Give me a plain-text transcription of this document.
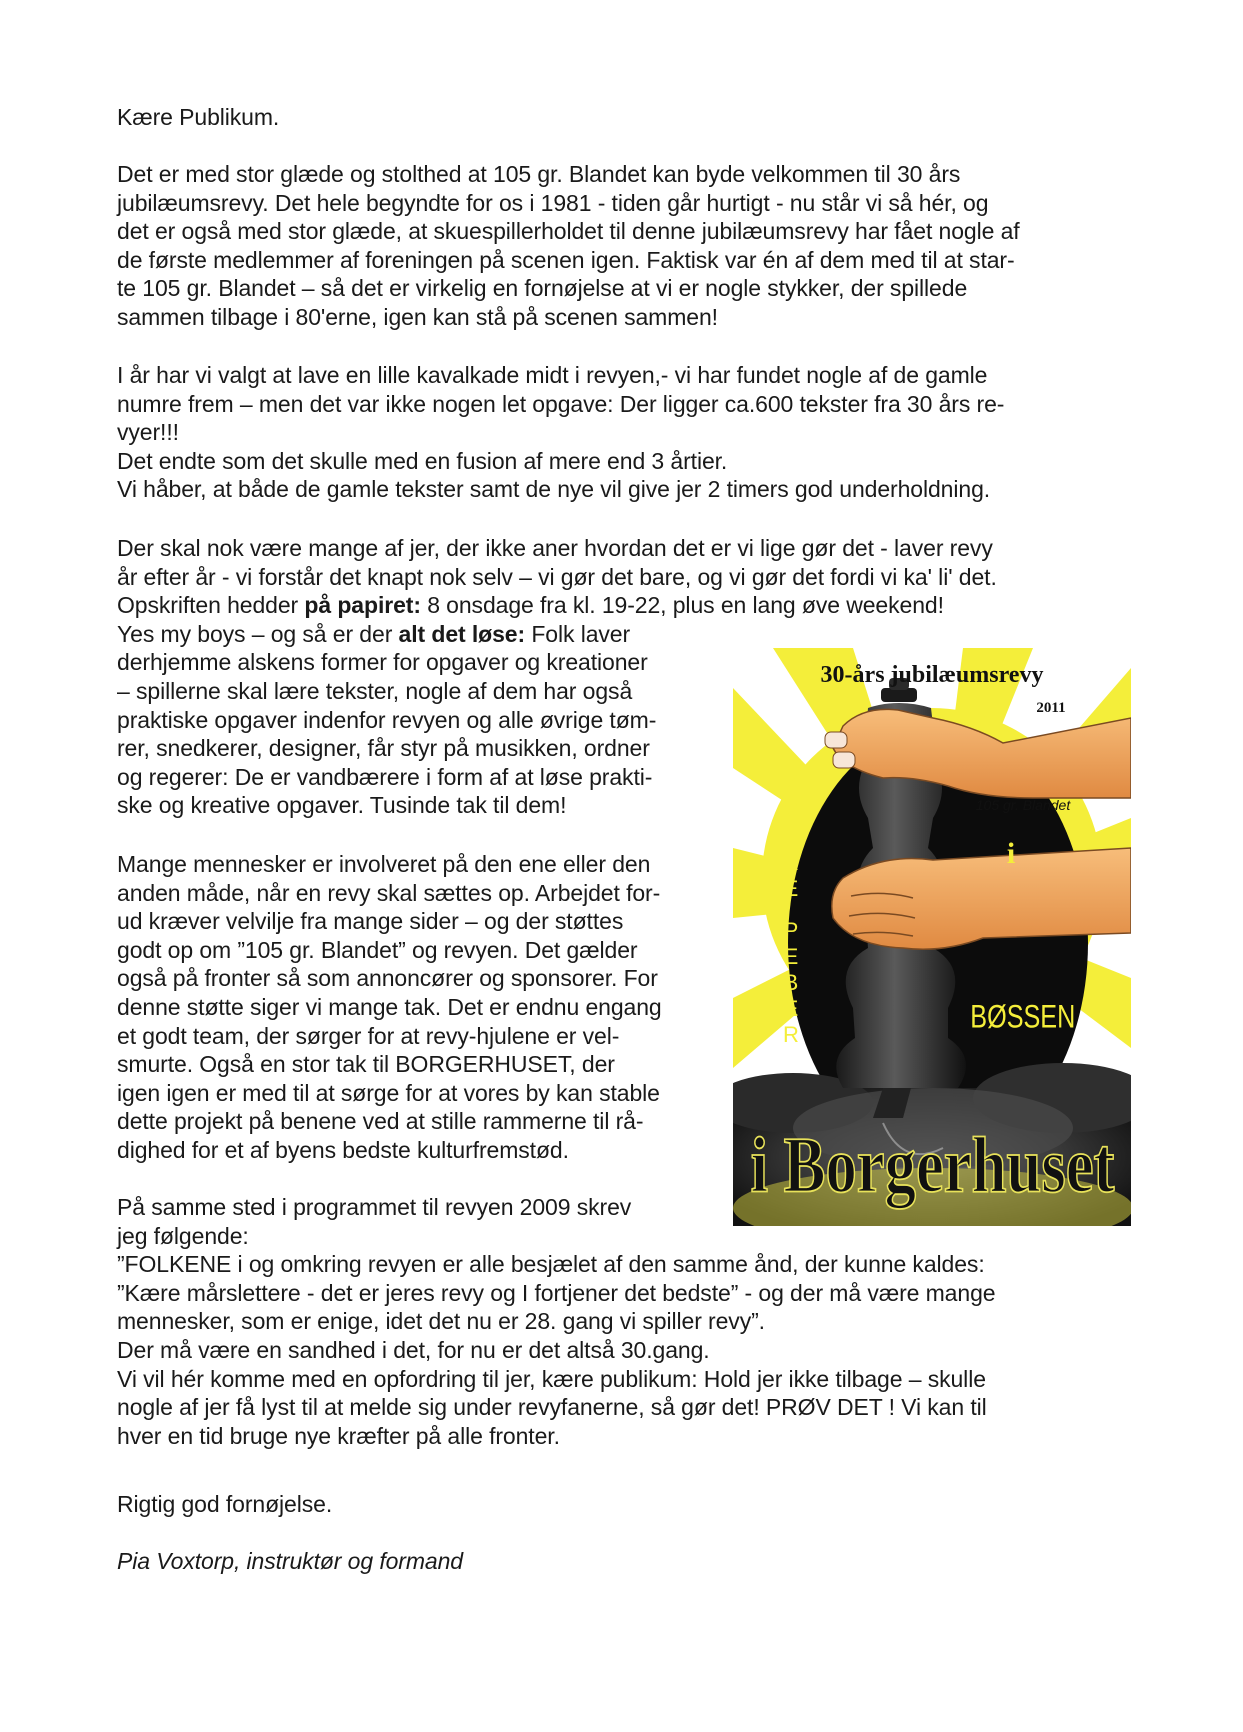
Kære Publikum.
Det er med stor glæde og stolthed at 105 gr. Blandet kan byde velkommen til 30 års
jubilæumsrevy. Det hele begyndte for os i 1981 - tiden går hurtigt - nu står vi så hér, og
det er også med stor glæde, at skuespillerholdet til denne jubilæumsrevy har fået nogle af
de første medlemmer af foreningen på scenen igen. Faktisk var én af dem med til at star-
te 105 gr. Blandet – så det er virkelig en fornøjelse at vi er nogle stykker, der spillede
sammen tilbage i 80'erne, igen kan stå på scenen sammen!
I år har vi valgt at lave en lille kavalkade midt i revyen,- vi har fundet nogle af de gamle
numre frem – men det var ikke nogen let opgave: Der ligger ca.600 tekster fra 30 års re-
vyer!!!
Det endte som det skulle med en fusion af mere end 3 årtier.
Vi håber, at både de gamle tekster samt de nye vil give jer 2 timers god underholdning.
Der skal nok være mange af jer, der ikke aner hvordan det er vi lige gør det - laver revy
år efter år - vi forstår det knapt nok selv – vi gør det bare, og vi gør det fordi vi ka' li' det.
Opskriften hedder på papiret: 8 onsdage fra kl. 19-22, plus en lang øve weekend!
Yes my boys – og så er der alt det løse: Folk laver
derhjemme alskens former for opgaver og kreationer
– spillerne skal lære tekster, nogle af dem har også
praktiske opgaver indenfor revyen og alle øvrige tøm-
rer, snedkerer, designer, får styr på musikken, ordner
og regerer: De er vandbærere i form af at løse prakti-
ske og kreative opgaver. Tusinde tak til dem!
Mange mennesker er involveret på den ene eller den
anden måde, når en revy skal sættes op. Arbejdet for-
ud kræver velvilje fra mange sider – og der støttes
godt op om ”105 gr. Blandet” og revyen. Det gælder
også på fronter så som annoncører og sponsorer. For
denne støtte siger vi mange tak. Det er endnu engang
et godt team, der sørger for at revy-hjulene er vel-
smurte. Også en stor tak til BORGERHUSET, der
igen igen er med til at sørge for at vores by kan stable
dette projekt på benene ved at stille rammerne til rå-
dighed for et af byens bedste kulturfremstød.
På samme sted i programmet til revyen 2009 skrev
jeg følgende:
”FOLKENE i og omkring revyen er alle besjælet af den samme ånd, der kunne kaldes:
”Kære mårslettere - det er jeres revy og I fortjener det bedste” - og der må være mange
mennesker, som er enige, idet det nu er 28. gang vi spiller revy”.
Der må være en sandhed i det, for nu er det altså 30.gang.
Vi vil hér komme med en opfordring til jer, kære publikum: Hold jer ikke tilbage – skulle
nogle af jer få lyst til at melde sig under revyfanerne, så gør det! PRØV DET ! Vi kan til
hver en tid bruge nye kræfter på alle fronter.
Rigtig god fornøjelse.
Pia Voxtorp, instruktør og formand
30-års jubilæumsrevy
2011
105 gr. Blandet
M
E
R
E
P
E
B
E
R
i
BØSSEN
i Borgerhuset
